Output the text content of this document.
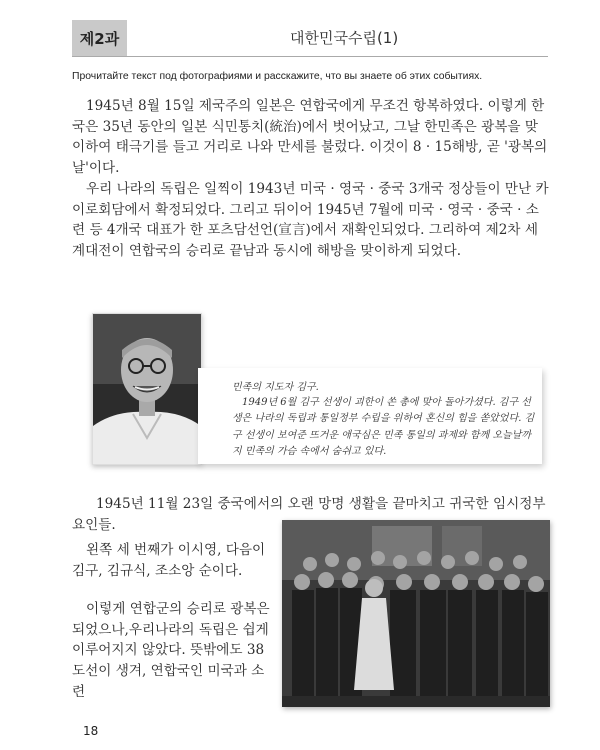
제2과	대한민국수립(1)
Прочитайте текст под фотографиями и расскажите, что вы знаете об этих событиях.

1945년 8월 15일 제국주의 일본은 연합국에게 무조건 항복하였다. 이렇게 한국은 35년 동안의 일본 식민통치(統治)에서 벗어났고, 그날 한민족은 광복을 맞이하여 태극기를 들고 거리로 나와 만세를 불렀다. 이것이 8 · 15해방, 곧 '광복의 날'이다.

우리 나라의 독립은 일찍이 1943년 미국 · 영국 · 중국 3개국 정상들이 만난 카이로회담에서 확정되었다. 그리고 뒤이어 1945년 7월에 미국 · 영국 · 중국 · 소련 등 4개국 대표가 한 포츠담선언(宣言)에서 재확인되었다. 그리하여 제2차 세계대전이 연합국의 승리로 끝남과 동시에 해방을 맞이하게 되었다.

민족의 지도자 김구.

1949년 6월 김구 선생이 괴한이 쏜 총에 맞아 돌아가셨다. 김구 선생은 나라의 독립과 통일정부 수립을 위하여 혼신의 힘을 쏟았었다. 김구 선생이 보여준 뜨거운 애국심은 민족 통일의 과제와 함께 오늘날까지 민족의 가슴 속에서 숨쉬고 있다.

1945년 11월 23일 중국에서의 오랜 망명 생활을 끝마치고 귀국한 임시정부 요인들.

왼쪽 세 번째가 이시영, 다음이 김구, 김규식, 조소앙 순이다.

이렇게 연합군의 승리로 광복은되었으나,우리나라의 독립은 쉽게 이루어지지 않았다. 뜻밖에도 38도선이 생겨, 연합국인 미국과 소련

18
